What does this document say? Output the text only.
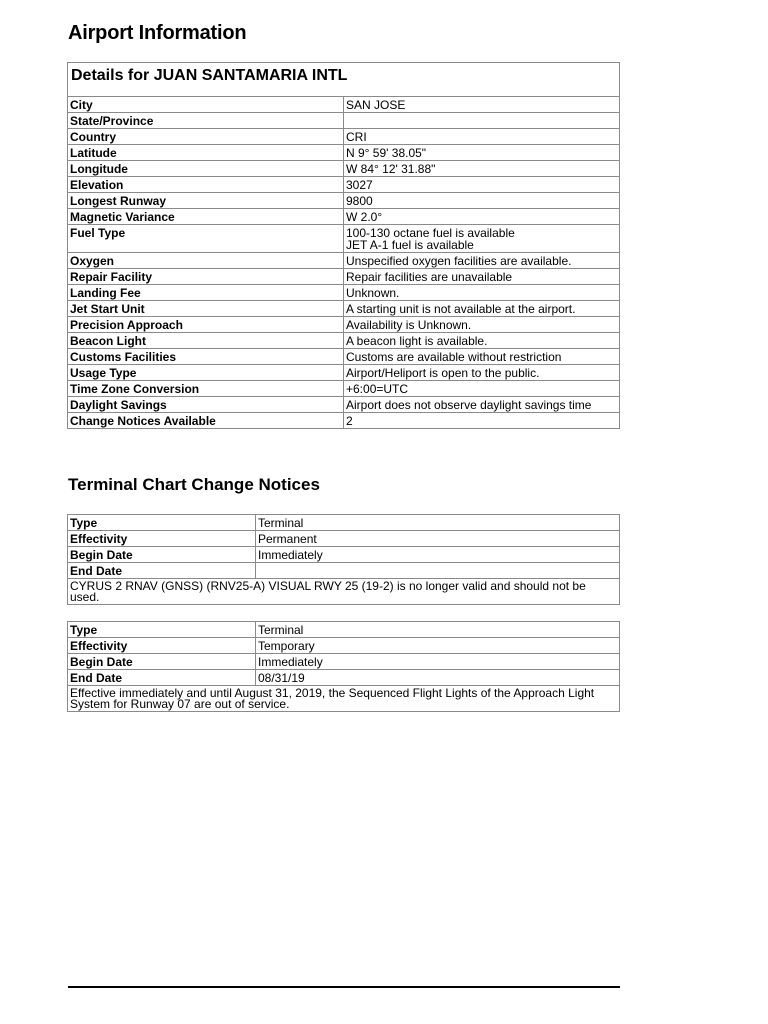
Airport Information
Details for JUAN SANTAMARIA INTL	
City	SAN JOSE
State/Province	
Country	CRI
Latitude	N 9° 59' 38.05"
Longitude	W 84° 12' 31.88"
Elevation	3027
Longest Runway	9800
Magnetic Variance	W 2.0°
Fuel Type	100-130 octane fuel is available
JET A-1 fuel is available

Oxygen	Unspecified oxygen facilities are available.
Repair Facility	Repair facilities are unavailable
Landing Fee	Unknown.
Jet Start Unit	A starting unit is not available at the airport.
Precision Approach	Availability is Unknown.
Beacon Light	A beacon light is available.
Customs Facilities	Customs are available without restriction
Usage Type	Airport/Heliport is open to the public.
Time Zone Conversion	+6:00=UTC
Daylight Savings	Airport does not observe daylight savings time
Change Notices Available	2
Terminal Chart Change Notices
Type	Terminal
Effectivity	Permanent
Begin Date	Immediately
End Date	
CYRUS 2 RNAV (GNSS) (RNV25-A) VISUAL RWY 25 (19-2) is no longer valid and should not be used.	
Type	Terminal
Effectivity	Temporary
Begin Date	Immediately
End Date	08/31/19
Effective immediately and until August 31, 2019, the Sequenced Flight Lights of the Approach Light System for Runway 07 are out of service.	
